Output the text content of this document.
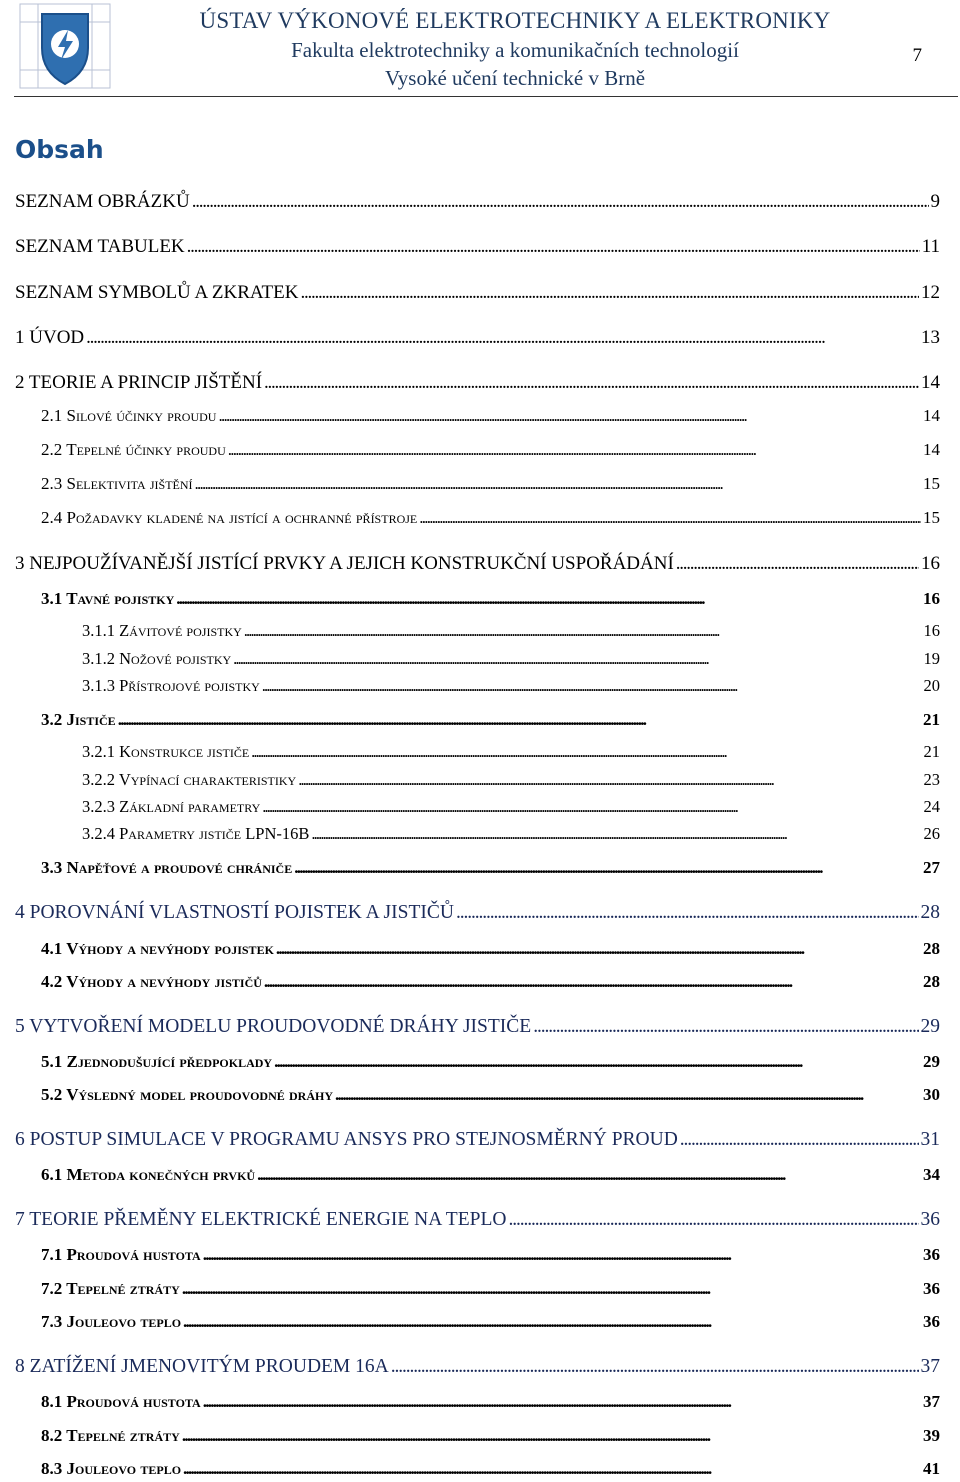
ÚSTAV VÝKONOVÉ ELEKTROTECHNIKY A ELEKTRONIKY
Fakulta elektrotechniky a komunikačních technologií
Vysoké učení technické v Brně
7
Obsah
SEZNAM OBRÁZKŮ . . .	9
SEZNAM TABULEK . . .	11
SEZNAM SYMBOLŮ A ZKRATEK . . .	12
1 ÚVOD . . .	13
2 TEORIE A PRINCIP JIŠTĚNÍ . . .	14
2.1 Silové účinky proudu . . .	14
2.2 Tepelné účinky proudu . . .	14
2.3 Selektivita jištění . . .	15
2.4 Požadavky kladené na jistící a ochranné přístroje . . .	15
3 NEJPOUŽÍVANĚJŠÍ JISTÍCÍ PRVKY A JEJICH KONSTRUKČNÍ USPOŘÁDÁNÍ . . .	16
3.1 Tavné pojistky . . .	16
3.1.1 Závitové pojistky . . .	16
3.1.2 Nožové pojistky . . .	19
3.1.3 Přístrojové pojistky . . .	20
3.2 Jističe . . .	21
3.2.1 Konstrukce jističe . . .	21
3.2.2 Vypínací charakteristiky . . .	23
3.2.3 Základní parametry . . .	24
3.2.4 Parametry jističe LPN-16B . . .	26
3.3 Napěťové a proudové chrániče . . .	27
4 POROVNÁNÍ VLASTNOSTÍ POJISTEK A JISTIČŮ . . .	28
4.1 Výhody a nevýhody pojistek . . .	28
4.2 Výhody a nevýhody jističů . . .	28
5 VYTVOŘENÍ MODELU PROUDOVODNÉ DRÁHY JISTIČE . . .	29
5.1 Zjednodušující předpoklady . . .	29
5.2 Výsledný model proudovodné dráhy . . .	30
6 POSTUP SIMULACE V PROGRAMU ANSYS PRO STEJNOSMĚRNÝ PROUD . . .	31
6.1 Metoda konečných prvků . . .	34
7 TEORIE PŘEMĚNY ELEKTRICKÉ ENERGIE NA TEPLO . . .	36
7.1 Proudová hustota . . .	36
7.2 Tepelné ztráty . . .	36
7.3 Jouleovo teplo . . .	36
8 ZATÍŽENÍ JMENOVITÝM PROUDEM 16A . . .	37
8.1 Proudová hustota . . .	37
8.2 Tepelné ztráty . . .	39
8.3 Jouleovo teplo . . .	41
